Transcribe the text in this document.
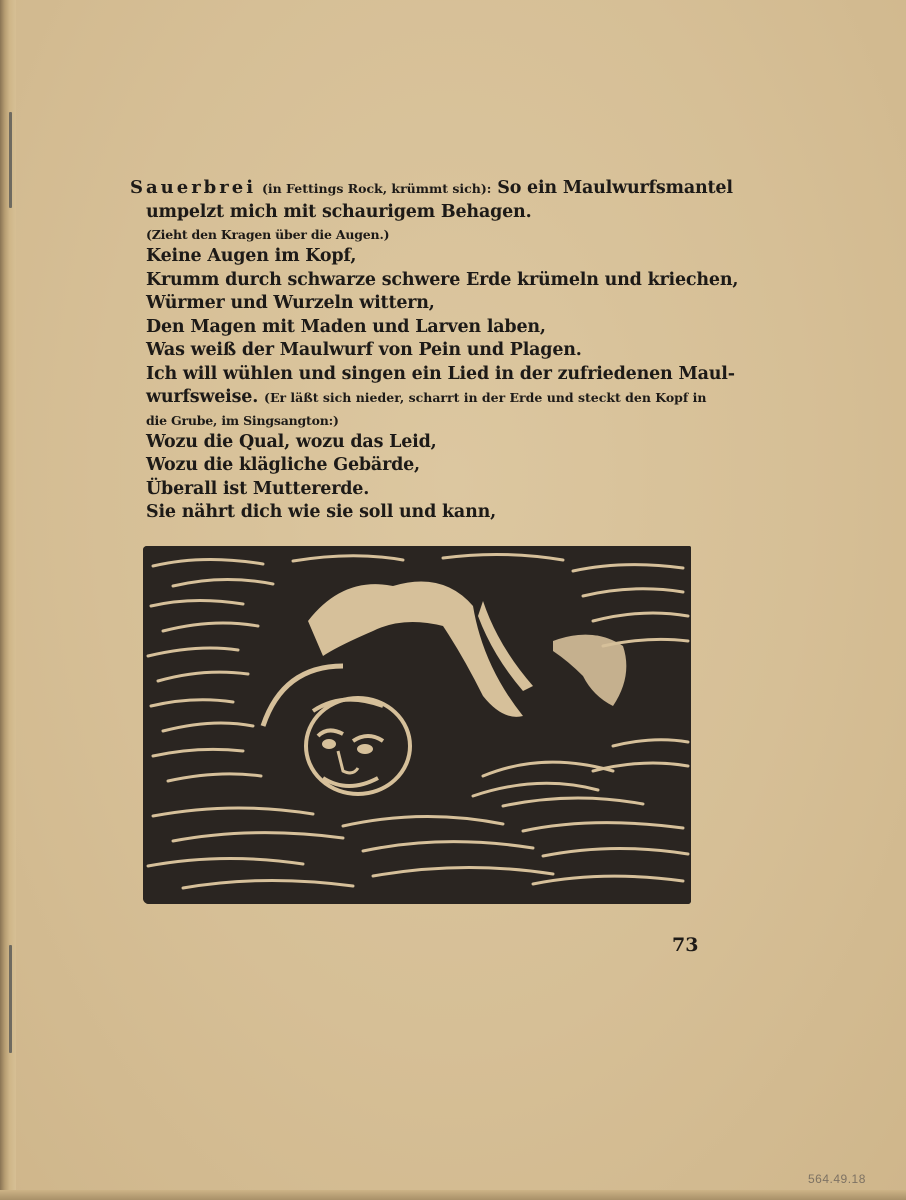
Sauerbrei (in Fettings Rock, krümmt sich): So ein Maulwurfsmantel
umpelzt mich mit schaurigem Behagen.
(Zieht den Kragen über die Augen.)
Keine Augen im Kopf,
Krumm durch schwarze schwere Erde krümeln und kriechen,
Würmer und Wurzeln wittern,
Den Magen mit Maden und Larven laben,
Was weiß der Maulwurf von Pein und Plagen.
Ich will wühlen und singen ein Lied in der zufriedenen Maul-
wurfsweise. (Er läßt sich nieder, scharrt in der Erde und steckt den Kopf in
die Grube, im Singsangton:)
Wozu die Qual, wozu das Leid,
Wozu die klägliche Gebärde,
Überall ist Muttererde.
Sie nährt dich wie sie soll und kann,
73
564.49.18
